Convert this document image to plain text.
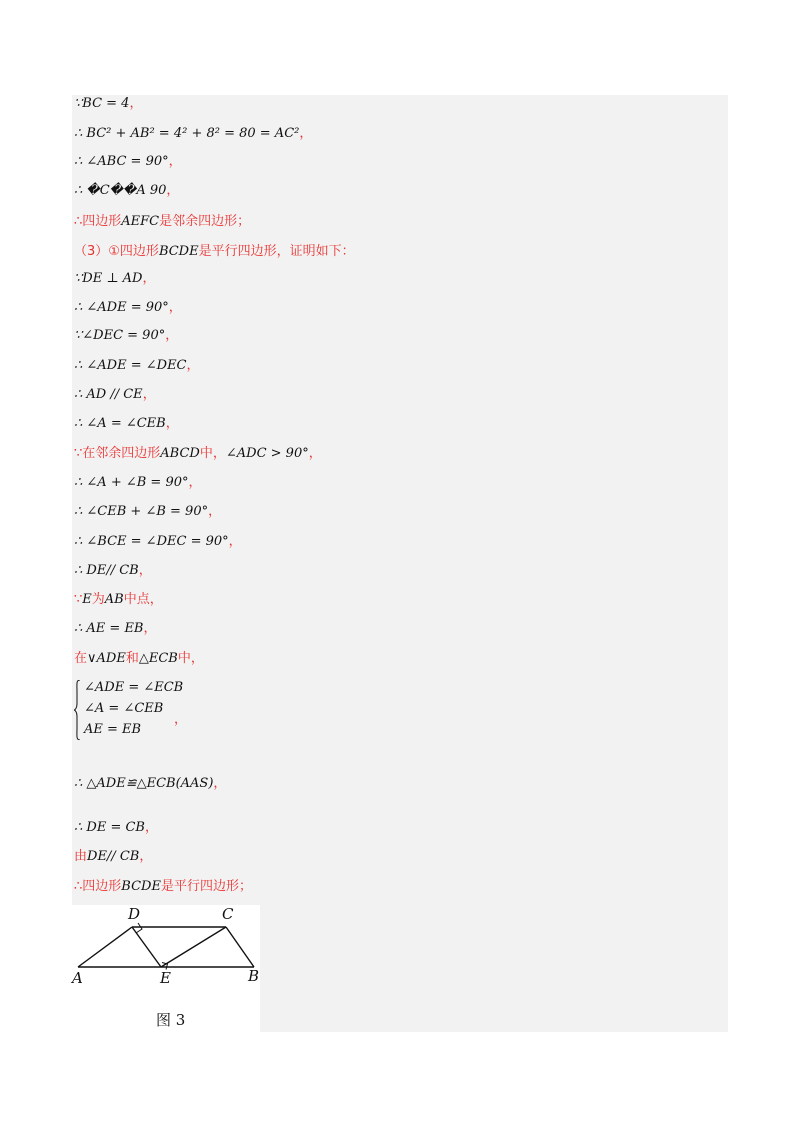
∵BC = 4，
∴ BC² + AB² = 4² + 8² = 80 = AC²，
∴ ∠ABC = 90°，
∴ �C��A 90，
∴四边形AEFC是邻余四边形；
（3）①四边形BCDE是平行四边形，证明如下：
∵DE ⊥ AD，
∴ ∠ADE = 90°，
∵∠DEC = 90°，
∴ ∠ADE = ∠DEC，
∴ AD // CE，
∴ ∠A = ∠CEB，
∵在邻余四边形ABCD中，∠ADC > 90°，
∴ ∠A + ∠B = 90°，
∴ ∠CEB + ∠B = 90°，
∴ ∠BCE = ∠DEC = 90°，
∴ DE// CB，
∵E为AB中点，
∴ AE = EB，
在∨ADE和△ECB中，
∠ADE = ∠ECB
∠A = ∠CEB
AE = EB
，
∴ △ADE≌△ECB(AAS)，
∴ DE = CB，
由DE// CB，
∴四边形BCDE是平行四边形；
D	C
A	E	B
图 3
